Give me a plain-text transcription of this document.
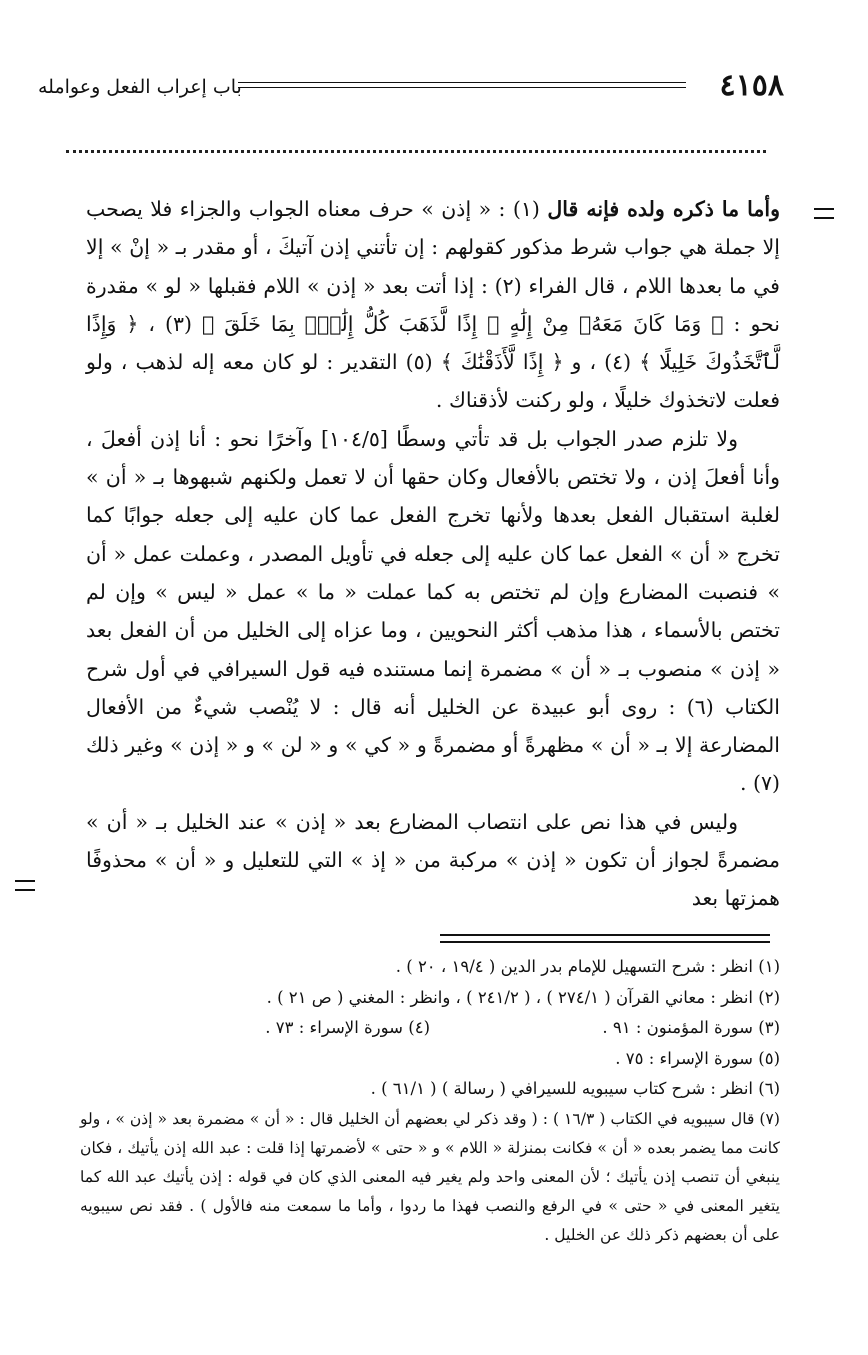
٤١٥٨
باب إعراب الفعل وعوامله

وأما ما ذكره ولده فإنه قال (١) : « إذن » حرف معناه الجواب والجزاء فلا يصحب إلا جملة هي جواب شرط مذكور كقولهم : إن تأتني إذن آتيكَ ، أو مقدر بـ « إنْ » إلا في ما بعدها اللام ، قال الفراء (٢) : إذا أتت بعد « إذن » اللام فقبلها « لو » مقدرة نحو : ﴿ وَمَا كَانَ مَعَهُۥ مِنْ إِلَٰهٍ ۚ إِذًا لَّذَهَبَ كُلُّ إِلَٰهٍۭ بِمَا خَلَقَ ﴾ (٣) ، ﴿ وَإِذًا لَّٱتَّخَذُوكَ خَلِيلًا ﴾ (٤) ، و ﴿ إِذًا لَّأَذَقْنَٰكَ ﴾ (٥) التقدير : لو كان معه إله لذهب ، ولو فعلت لاتخذوك خليلًا ، ولو ركنت لأذقناك .

ولا تلزم صدر الجواب بل قد تأتي وسطًا [١٠٤/٥] وآخرًا نحو : أنا إذن أفعلَ ، وأنا أفعلَ إذن ، ولا تختص بالأفعال وكان حقها أن لا تعمل ولكنهم شبهوها بـ « أن » لغلبة استقبال الفعل بعدها ولأنها تخرج الفعل عما كان عليه إلى جعله جوابًا كما تخرج « أن » الفعل عما كان عليه إلى جعله في تأويل المصدر ، وعملت عمل « أن » فنصبت المضارع وإن لم تختص به كما عملت « ما » عمل « ليس » وإن لم تختص بالأسماء ، هذا مذهب أكثر النحويين ، وما عزاه إلى الخليل من أن الفعل بعد « إذن » منصوب بـ « أن » مضمرة إنما مستنده فيه قول السيرافي في أول شرح الكتاب (٦) : روى أبو عبيدة عن الخليل أنه قال : لا يُنْصب شيءٌ من الأفعال المضارعة إلا بـ « أن » مظهرةً أو مضمرةً و « كي » و « لن » و « إذن » وغير ذلك (٧) .

وليس في هذا نص على انتصاب المضارع بعد « إذن » عند الخليل بـ « أن » مضمرةً لجواز أن تكون « إذن » مركبة من « إذ » التي للتعليل و « أن » محذوفًا همزتها بعد

(١) انظر : شرح التسهيل للإمام بدر الدين ( ١٩/٤ ، ٢٠ ) .
(٢) انظر : معاني القرآن ( ٢٧٤/١ ) ، ( ٢٤١/٢ ) ، وانظر : المغني ( ص ٢١ ) .
(٣) سورة المؤمنون : ٩١ .
(٤) سورة الإسراء : ٧٣ .
(٥) سورة الإسراء : ٧٥ .
(٦) انظر : شرح كتاب سيبويه للسيرافي ( رسالة ) ( ٦١/١ ) .
(٧) قال سيبويه في الكتاب ( ١٦/٣ ) : ( وقد ذكر لي بعضهم أن الخليل قال : « أن » مضمرة بعد « إذن » ، ولو كانت مما يضمر بعده « أن » فكانت بمنزلة « اللام » و « حتى » لأضمرتها إذا قلت : عبد الله إذن يأتيك ، فكان ينبغي أن تنصب إذن يأتيك ؛ لأن المعنى واحد ولم يغير فيه المعنى الذي كان في قوله : إذن يأتيك عبد الله كما يتغير المعنى في « حتى » في الرفع والنصب فهذا ما ردوا ، وأما ما سمعت منه فالأول ) . فقد نص سيبويه على أن بعضهم ذكر ذلك عن الخليل .
